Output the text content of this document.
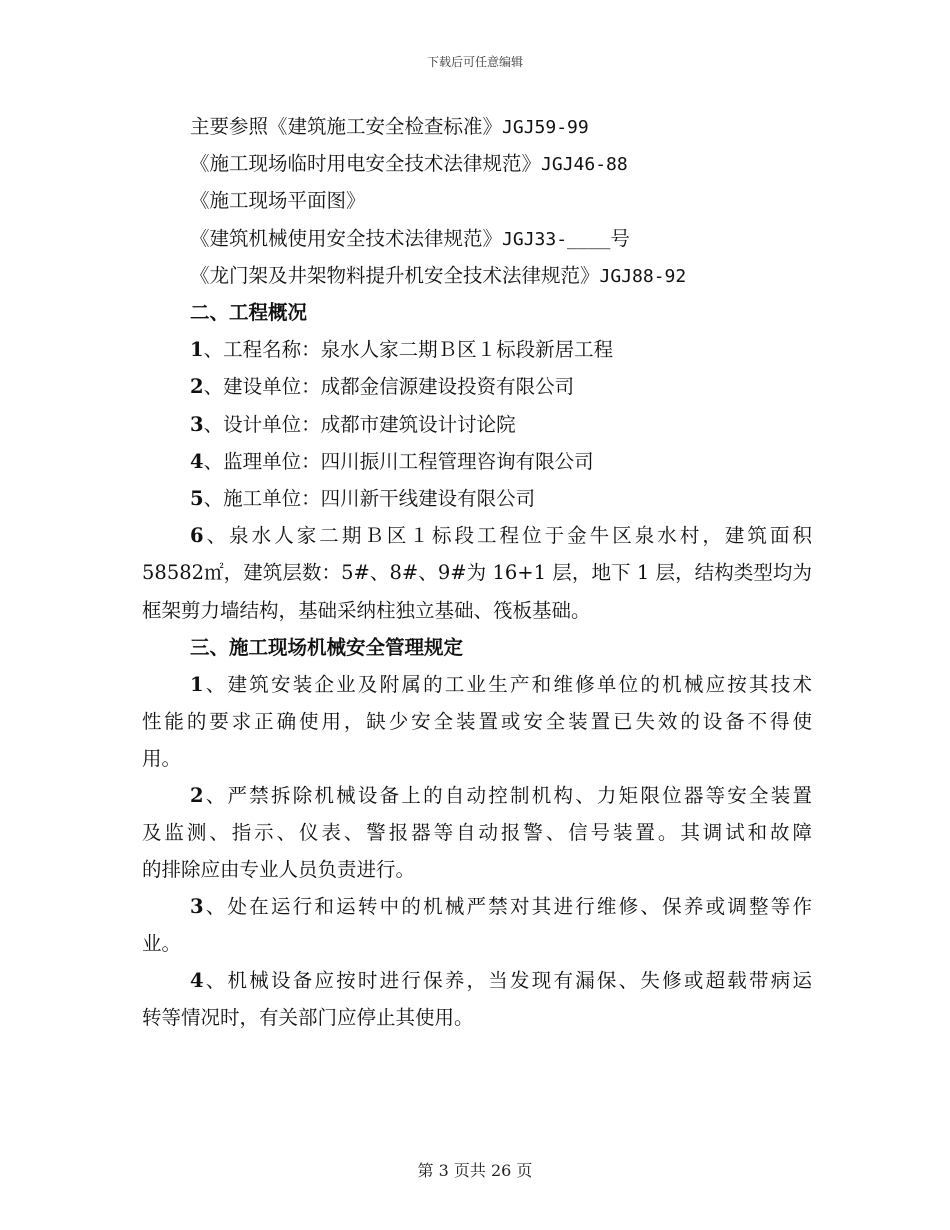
下载后可任意编辑
主要参照《建筑施工安全检查标准》JGJ59-99
《施工现场临时用电安全技术法律规范》JGJ46-88
《施工现场平面图》
《建筑机械使用安全技术法律规范》JGJ33-____号
《龙门架及井架物料提升机安全技术法律规范》JGJ88-92
二、工程概况
1、工程名称：泉水人家二期Ｂ区１标段新居工程
2、建设单位：成都金信源建设投资有限公司
3、设计单位：成都市建筑设计讨论院
4、监理单位：四川振川工程管理咨询有限公司
5、施工单位：四川新干线建设有限公司
6、泉水人家二期Ｂ区１标段工程位于金牛区泉水村，建筑面积
58582㎡，建筑层数：5#、8#、9#为 16+1 层，地下 1 层，结构类型均为
框架剪力墙结构，基础采纳柱独立基础、筏板基础。
三、施工现场机械安全管理规定
1、建筑安装企业及附属的工业生产和维修单位的机械应按其技术
性能的要求正确使用，缺少安全装置或安全装置已失效的设备不得使
用。
2、严禁拆除机械设备上的自动控制机构、力矩限位器等安全装置
及监测、指示、仪表、警报器等自动报警、信号装置。其调试和故障
的排除应由专业人员负责进行。
3、处在运行和运转中的机械严禁对其进行维修、保养或调整等作
业。
4、机械设备应按时进行保养，当发现有漏保、失修或超载带病运
转等情况时，有关部门应停止其使用。
第 3 页共 26 页
